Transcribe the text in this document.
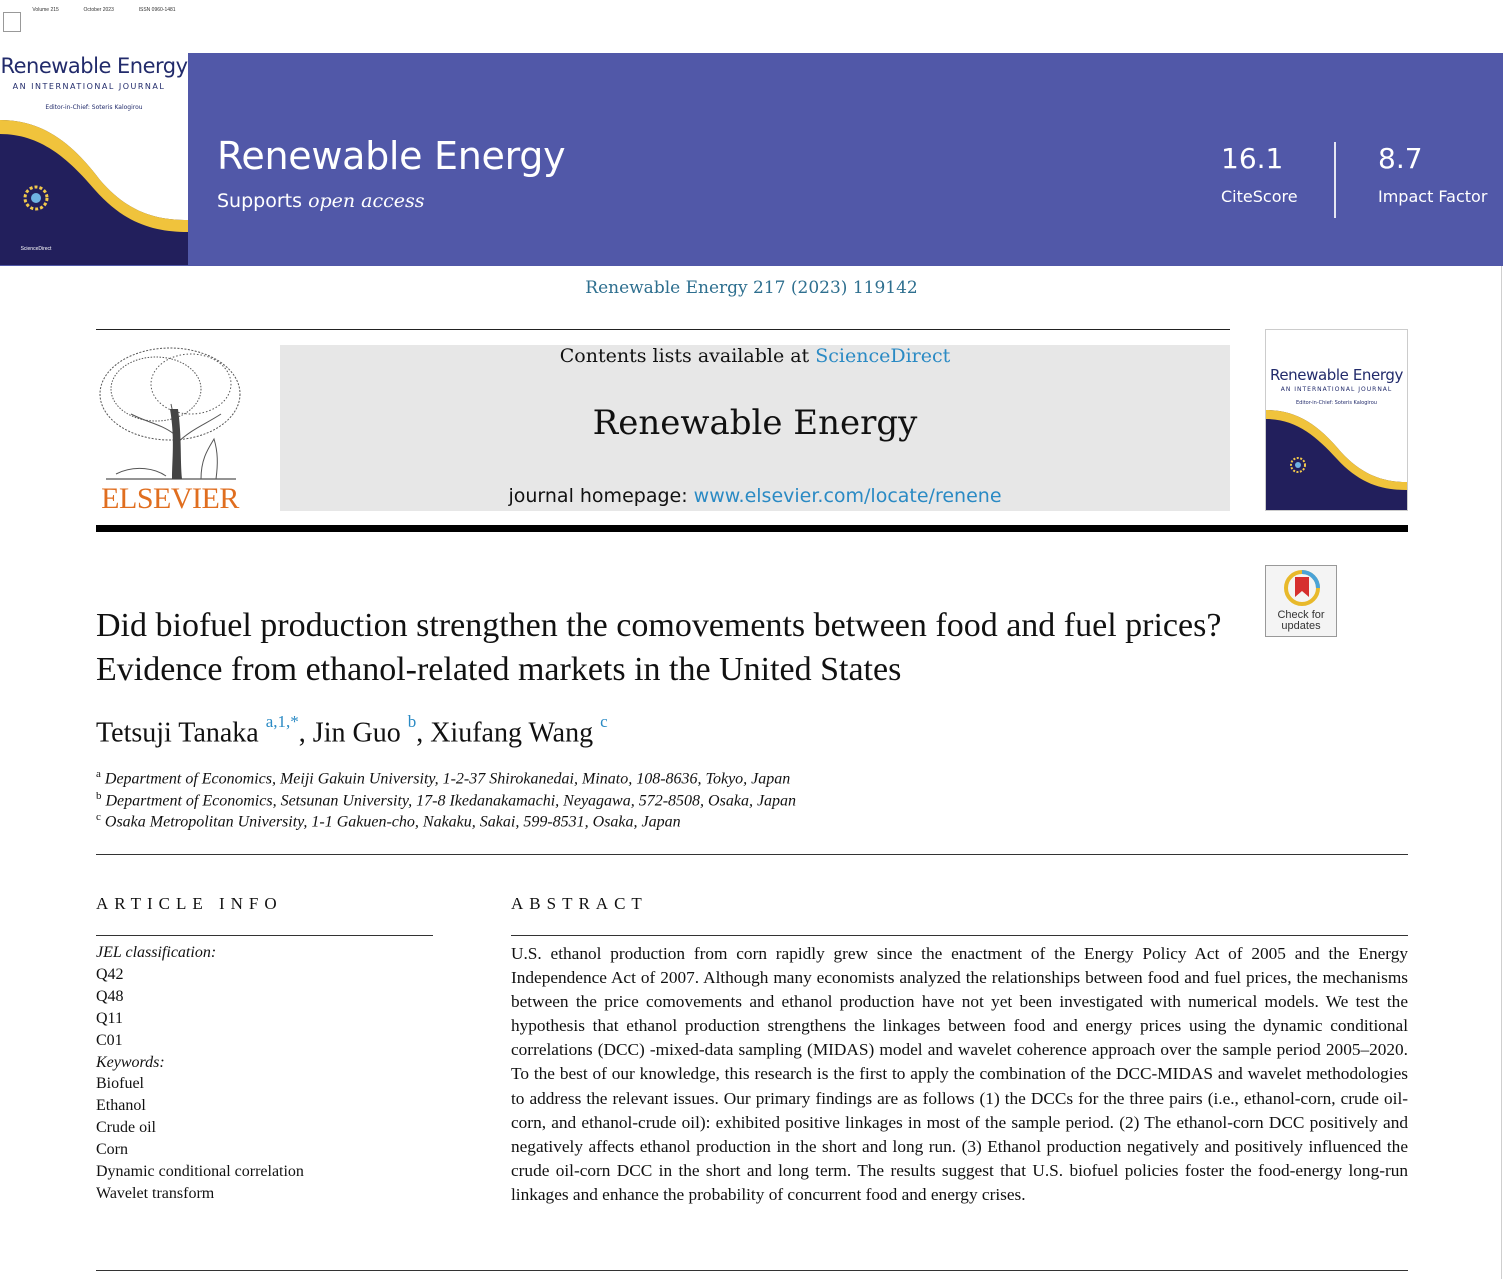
Volume 215	October 2023	ISSN 0960-1481
Renewable Energy
AN INTERNATIONAL JOURNAL
Editor-in-Chief: Soteris Kalogirou
ScienceDirect
Renewable Energy
Supports open access
16.1
CiteScore
8.7
Impact Factor
Renewable Energy 217 (2023) 119142
ELSEVIER
Contents lists available at ScienceDirect
Renewable Energy
journal homepage: www.elsevier.com/locate/renene
Renewable Energy
AN INTERNATIONAL JOURNAL
Editor-in-Chief: Soteris Kalogirou
Check for
updates
Did biofuel production strengthen the comovements between food and fuel prices? Evidence from ethanol-related markets in the United States
Tetsuji Tanaka $^{a,1,*}$, Jin Guo $^b$, Xiufang Wang $^c$
$^a$ Department of Economics, Meiji Gakuin University, 1-2-37 Shirokanedai, Minato, 108-8636, Tokyo, Japan
$^b$ Department of Economics, Setsunan University, 17-8 Ikedanakamachi, Neyagawa, 572-8508, Osaka, Japan
$^c$ Osaka Metropolitan University, 1-1 Gakuen-cho, Nakaku, Sakai, 599-8531, Osaka, Japan
ARTICLE INFO
JEL classification:
Q42
Q48
Q11
C01
Keywords:
Biofuel
Ethanol
Crude oil
Corn
Dynamic conditional correlation
Wavelet transform
ABSTRACT
U.S. ethanol production from corn rapidly grew since the enactment of the Energy Policy Act of 2005 and the Energy Independence Act of 2007. Although many economists analyzed the relationships between food and fuel prices, the mechanisms between the price comovements and ethanol production have not yet been investigated with numerical models. We test the hypothesis that ethanol production strengthens the linkages between food and energy prices using the dynamic conditional correlations (DCC) -mixed-data sampling (MIDAS) model and wavelet coherence approach over the sample period 2005–2020. To the best of our knowledge, this research is the first to apply the combination of the DCC-MIDAS and wavelet methodologies to address the relevant issues. Our primary findings are as follows (1) the DCCs for the three pairs (i.e., ethanol-corn, crude oil-corn, and ethanol-crude oil): exhibited positive linkages in most of the sample period. (2) The ethanol-corn DCC positively and negatively affects ethanol production in the short and long run. (3) Ethanol production negatively and positively influenced the crude oil-corn DCC in the short and long term. The results suggest that U.S. biofuel policies foster the food-energy long-run linkages and enhance the probability of concurrent food and energy crises.
